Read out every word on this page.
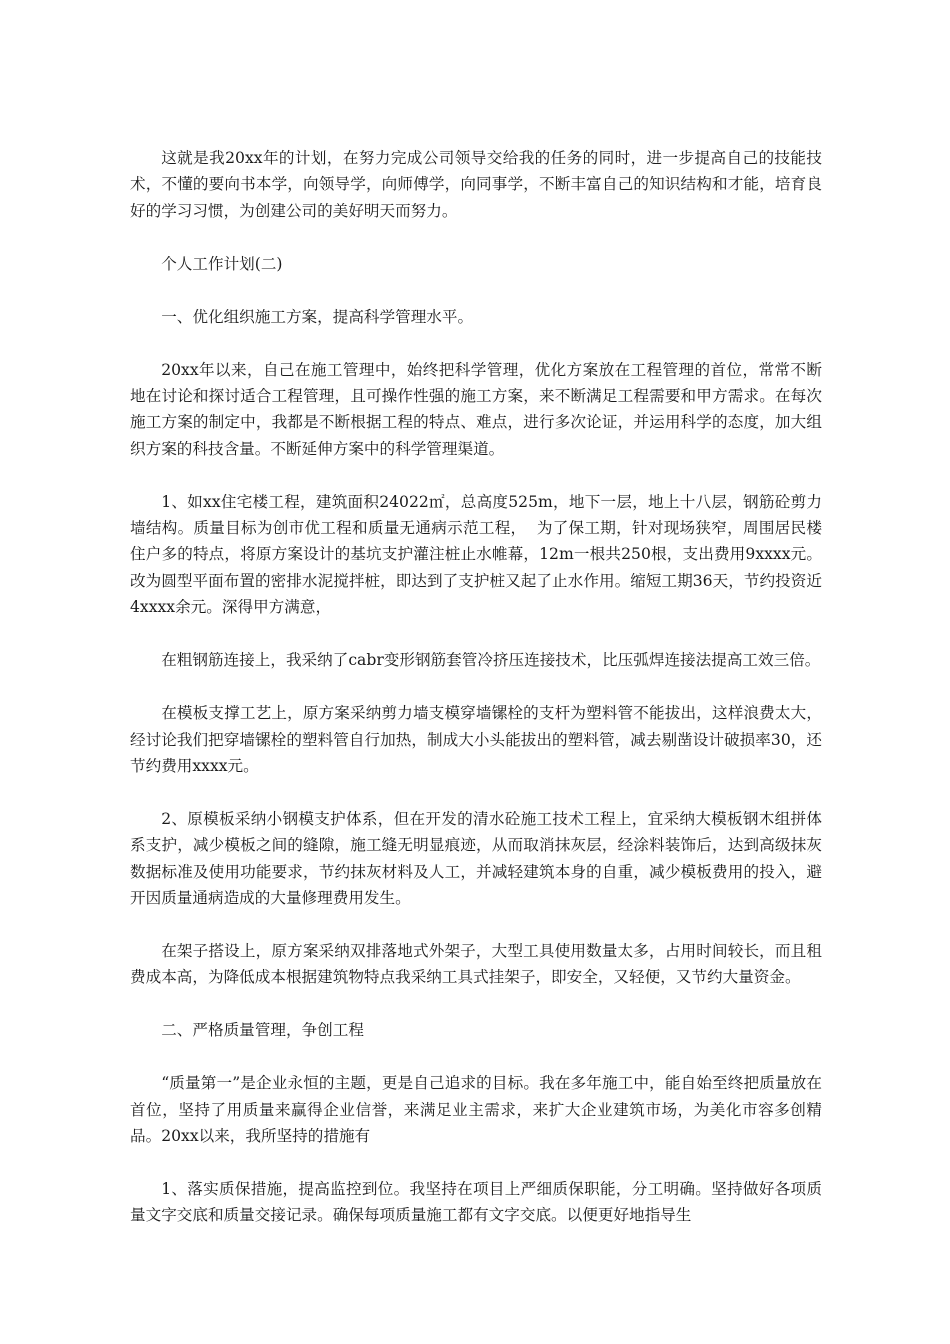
这就是我20xx年的计划，在努力完成公司领导交给我的任务的同时，进一步提高自己的技能技术，不懂的要向书本学，向领导学，向师傅学，向同事学，不断丰富自己的知识结构和才能，培育良好的学习习惯，为创建公司的美好明天而努力。

个人工作计划(二)

一、优化组织施工方案，提高科学管理水平。

20xx年以来，自己在施工管理中，始终把科学管理，优化方案放在工程管理的首位，常常不断地在讨论和探讨适合工程管理，且可操作性强的施工方案，来不断满足工程需要和甲方需求。在每次施工方案的制定中，我都是不断根据工程的特点、难点，进行多次论证，并运用科学的态度，加大组织方案的科技含量。不断延伸方案中的科学管理渠道。

1、如xx住宅楼工程，建筑面积24022㎡，总高度525m，地下一层，地上十八层，钢筋砼剪力墙结构。质量目标为创市优工程和质量无通病示范工程，  为了保工期，针对现场狭窄，周围居民楼住户多的特点，将原方案设计的基坑支护灌注桩止水帷幕，12m一根共250根，支出费用9xxxx元。改为圆型平面布置的密排水泥搅拌桩，即达到了支护桩又起了止水作用。缩短工期36天，节约投资近4xxxx余元。深得甲方满意，

在粗钢筋连接上，我采纳了cabr变形钢筋套管冷挤压连接技术，比压弧焊连接法提高工效三倍。

在模板支撑工艺上，原方案采纳剪力墙支模穿墙镙栓的支杆为塑料管不能拔出，这样浪费太大，经讨论我们把穿墙镙栓的塑料管自行加热，制成大小头能拔出的塑料管，减去剔凿设计破损率30，还节约费用xxxx元。

2、原模板采纳小钢模支护体系，但在开发的清水砼施工技术工程上，宜采纳大模板钢木组拼体系支护，减少模板之间的缝隙，施工缝无明显痕迹，从而取消抹灰层，经涂料装饰后，达到高级抹灰数据标准及使用功能要求，节约抹灰材料及人工，并减轻建筑本身的自重，减少模板费用的投入，避开因质量通病造成的大量修理费用发生。

在架子搭设上，原方案采纳双排落地式外架子，大型工具使用数量太多，占用时间较长，而且租费成本高，为降低成本根据建筑物特点我采纳工具式挂架子，即安全，又轻便，又节约大量资金。

二、严格质量管理，争创工程

“质量第一”是企业永恒的主题，更是自己追求的目标。我在多年施工中，能自始至终把质量放在首位，坚持了用质量来赢得企业信誉，来满足业主需求，来扩大企业建筑市场，为美化市容多创精品。20xx以来，我所坚持的措施有

1、落实质保措施，提高监控到位。我坚持在项目上严细质保职能，分工明确。坚持做好各项质量文字交底和质量交接记录。确保每项质量施工都有文字交底。以便更好地指导生
